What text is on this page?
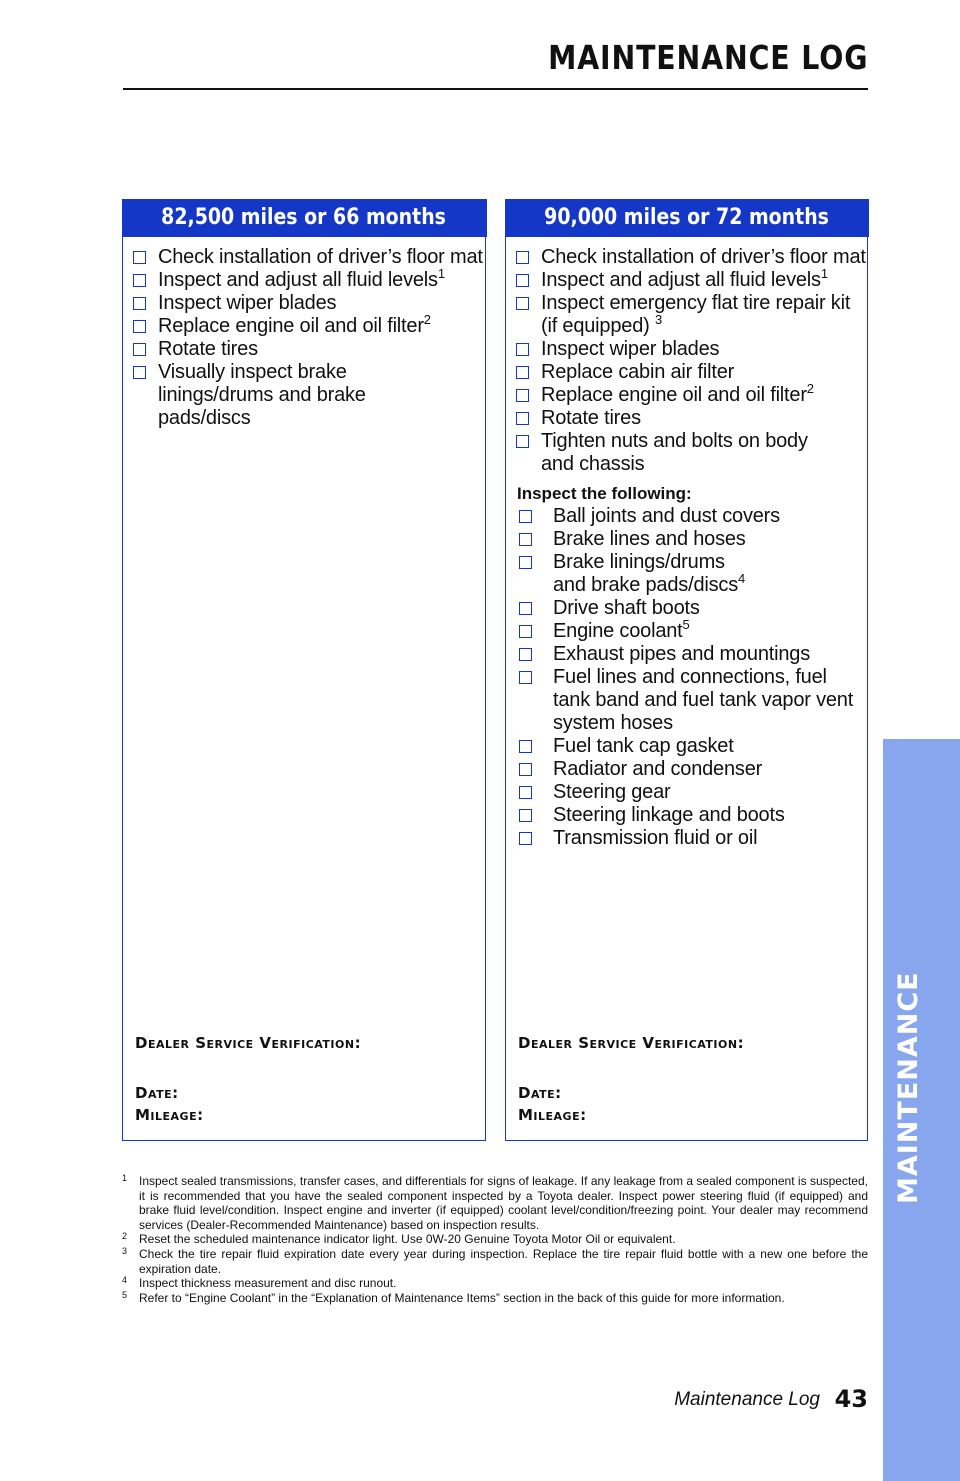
MAINTENANCE LOG
82,500 miles or 66 months
Check installation of driver’s floor mat
Inspect and adjust all fluid levels$^1$
Inspect wiper blades
Replace engine oil and oil filter$^2$
Rotate tires
Visually inspect brake linings/drums and brake pads/discs
Dealer Service Verification:
Date:
Mileage:
90,000 miles or 72 months
Check installation of driver’s floor mat
Inspect and adjust all fluid levels$^1$
Inspect emergency flat tire repair kit (if equipped) $^3$
Inspect wiper blades
Replace cabin air filter
Replace engine oil and oil filter$^2$
Rotate tires
Tighten nuts and bolts on body and chassis
Inspect the following:
Ball joints and dust covers
Brake lines and hoses
Brake linings/drums and brake pads/discs$^4$
Drive shaft boots
Engine coolant$^5$
Exhaust pipes and mountings
Fuel lines and connections, fuel tank band and fuel tank vapor vent system hoses
Fuel tank cap gasket
Radiator and condenser
Steering gear
Steering linkage and boots
Transmission fluid or oil
Dealer Service Verification:
Date:
Mileage:
1 Inspect sealed transmissions, transfer cases, and differentials for signs of leakage. If any leakage from a sealed component is suspected, it is recommended that you have the sealed component inspected by a Toyota dealer. Inspect power steering fluid (if equipped) and brake fluid level/condition. Inspect engine and inverter (if equipped) coolant level/condition/freezing point. Your dealer may recommend services (Dealer-Recommended Maintenance) based on inspection results.
2 Reset the scheduled maintenance indicator light. Use 0W-20 Genuine Toyota Motor Oil or equivalent.
3 Check the tire repair fluid expiration date every year during inspection. Replace the tire repair fluid bottle with a new one before the expiration date.
4 Inspect thickness measurement and disc runout.
5 Refer to “Engine Coolant” in the “Explanation of Maintenance Items” section in the back of this guide for more information.
Maintenance Log 43
MAINTENANCE
